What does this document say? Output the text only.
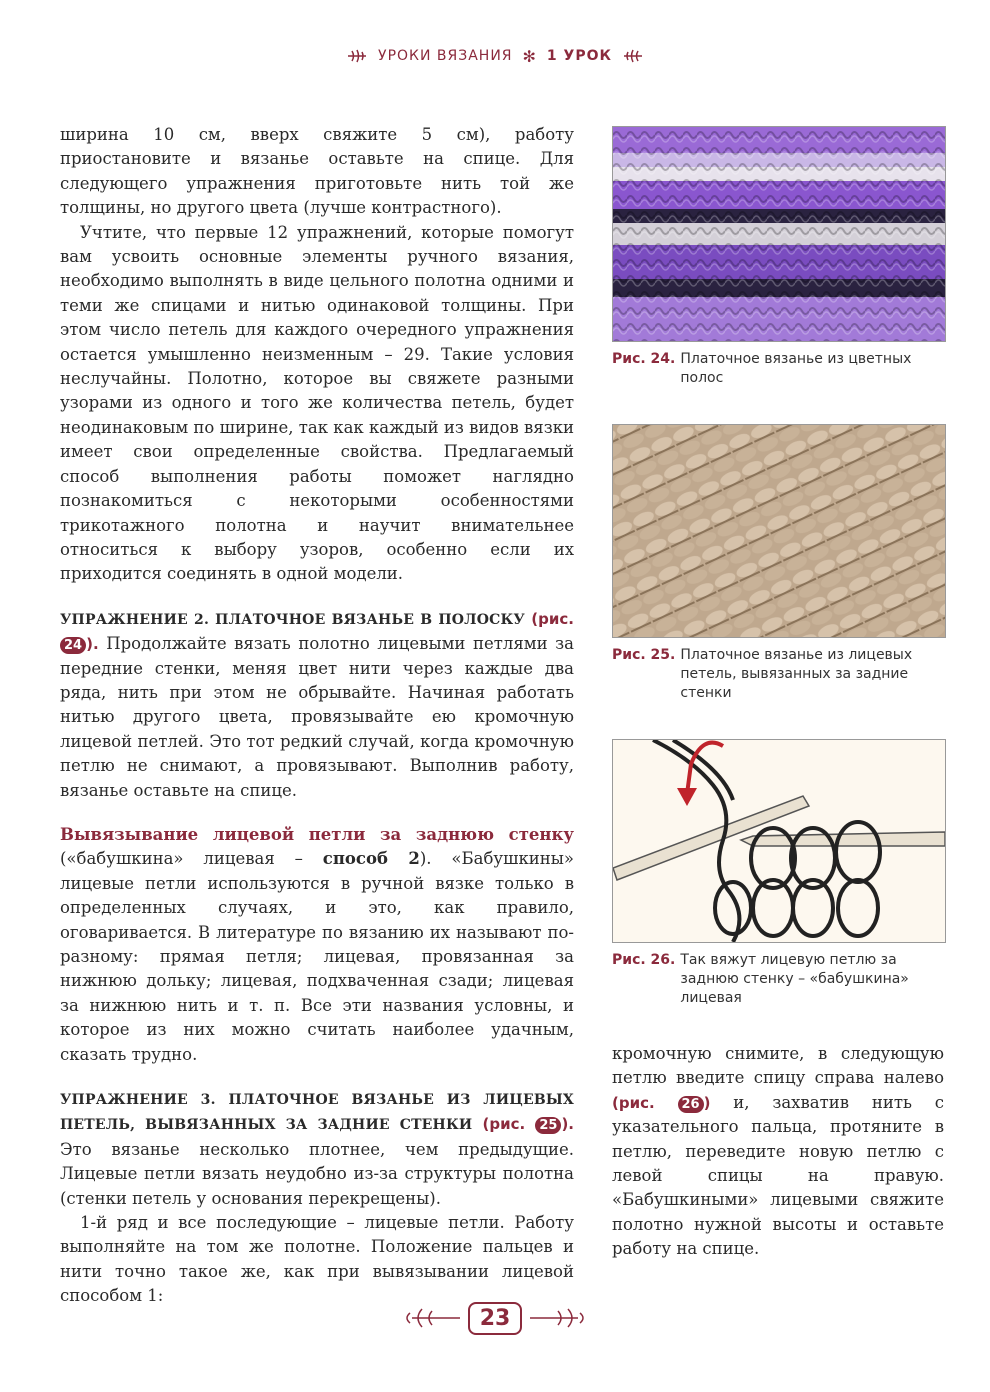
УРОКИ ВЯЗАНИЯ ✻ 1 УРОК

ширина 10 см, вверх свяжите 5 см), работу приостановите и вязанье оставьте на спице. Для следующего упражнения приготовьте нить той же толщины, но другого цвета (лучше контрастного).

Учтите, что первые 12 упражнений, которые помогут вам усвоить основные элементы ручного вязания, необходимо выполнять в виде цельного полотна одними и теми же спицами и нитью одинаковой толщины. При этом число петель для каждого очередного упражнения остается умышленно неизменным – 29. Такие условия неслучайны. Полотно, которое вы свяжете разными узорами из одного и того же количества петель, будет неодинаковым по ширине, так как каждый из видов вязки имеет свои определенные свойства. Предлагаемый способ выполнения работы поможет наглядно познакомиться с некоторыми особенностями трикотажного полотна и научит внимательнее относиться к выбору узоров, особенно если их приходится соединять в одной модели.

УПРАЖНЕНИЕ 2. ПЛАТОЧНОЕ ВЯЗАНЬЕ В ПОЛОСКУ (рис. 24 ). Продолжайте вязать полотно лицевыми петлями за передние стенки, меняя цвет нити через каждые два ряда, нить при этом не обрывайте. Начиная работать нитью другого цвета, провязывайте ею кромочную лицевой петлей. Это тот редкий случай, когда кромочную петлю не снимают, а провязывают. Выполнив работу, вязанье оставьте на спице.

Вывязывание лицевой петли за заднюю стенку («бабушкина» лицевая – способ 2). «Бабушкины» лицевые петли используются в ручной вязке только в определенных случаях, и это, как правило, оговаривается. В литературе по вязанию их называют по-разному: прямая петля; лицевая, провязанная за нижнюю дольку; лицевая, подхваченная сзади; лицевая за нижнюю нить и т. п. Все эти названия условны, и которое из них можно считать наиболее удачным, сказать трудно.

УПРАЖНЕНИЕ 3. ПЛАТОЧНОЕ ВЯЗАНЬЕ ИЗ ЛИЦЕВЫХ ПЕТЕЛЬ, ВЫВЯЗАННЫХ ЗА ЗАДНИЕ СТЕНКИ (рис. 25 ). Это вязанье несколько плотнее, чем предыдущие. Лицевые петли вязать неудобно из-за структуры полотна (стенки петель у основания перекрещены).

1-й ряд и все последующие – лицевые петли. Работу выполняйте на том же полотне. Положение пальцев и нити точно такое же, как при вывязывании лицевой способом 1:

Рис. 24. Платочное вязанье из цветных полос
Рис. 25. Платочное вязанье из лицевых петель, вывязанных за задние стенки
Рис. 26. Так вяжут лицевую петлю за заднюю стенку – «бабушкина» лицевая

кромочную снимите, в следующую петлю введите спицу справа налево (рис. 26 ) и, захватив нить с указательного пальца, протяните в петлю, переведите новую петлю с левой спицы на правую. «Бабушкиными» лицевыми свяжите полотно нужной высоты и оставьте работу на спице.

23
